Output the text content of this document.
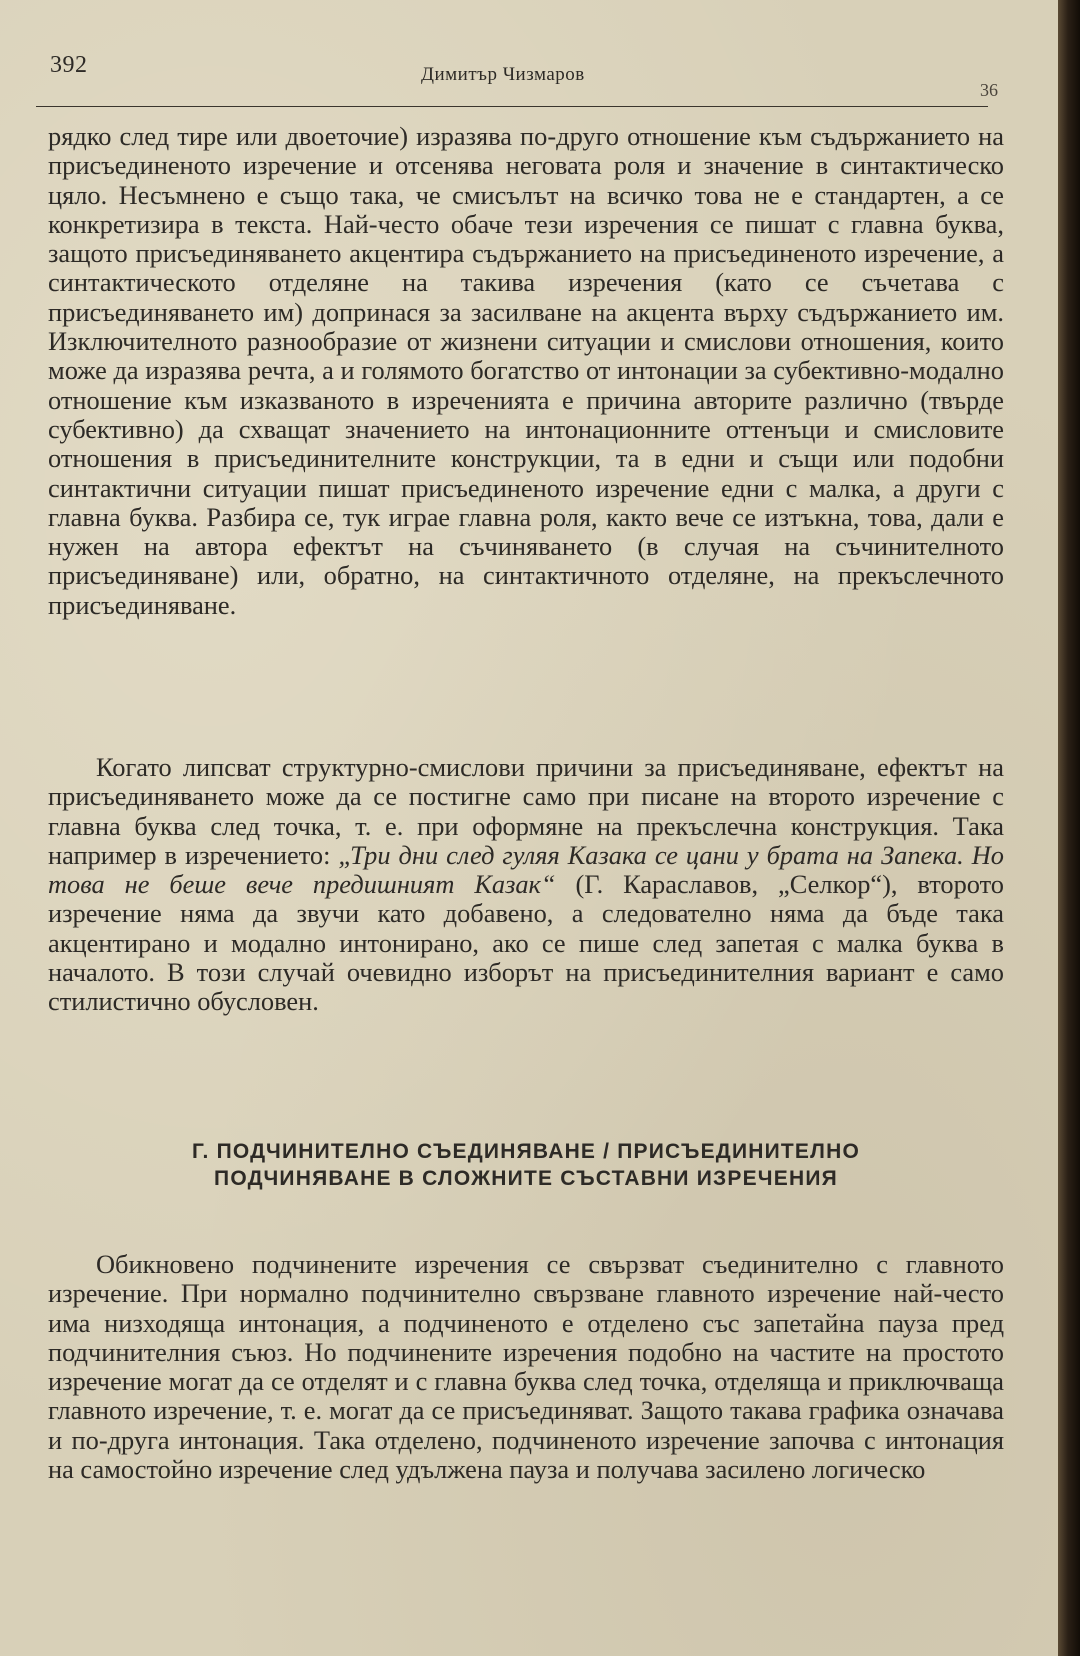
392	Димитър Чизмаров
36

рядко след тире или двоеточие) изразява по-друго отношение към съдържанието на присъединеното изречение и отсенява неговата роля и значение в синтактическо цяло. Несъмнено е също така, че смисълът на всичко това не е стандартен, а се конкретизира в текста. Най-често обаче тези изречения се пишат с главна буква, защото присъединяването акцентира съдържанието на присъединеното изречение, а синтактическото отделяне на такива изречения (като се съчетава с присъединяването им) допринася за засилване на акцента върху съдържанието им. Изключителното разнообразие от жизнени ситуации и смислови отношения, които може да изразява речта, а и голямото богатство от интонации за субективно-модално отношение към изказваното в изреченията е причина авторите различно (твърде субективно) да схващат значението на интонационните оттенъци и смисловите отношения в присъединителните конструкции, та в едни и същи или подобни синтактични ситуации пишат присъединеното изречение едни с малка, а други с главна буква. Разбира се, тук играе главна роля, както вече се изтъкна, това, дали е нужен на автора ефектът на съчиняването (в случая на съчинителното присъединяване) или, обратно, на синтактичното отделяне, на прекъслечното присъединяване.

Когато липсват структурно-смислови причини за присъединяване, ефектът на присъединяването може да се постигне само при писане на второто изречение с главна буква след точка, т. е. при оформяне на прекъслечна конструкция. Така например в изречението: „Три дни след гуляя Казака се цани у брата на Запека. Но това не беше вече предишният Казак“ (Г. Караславов, „Селкор“), второто изречение няма да звучи като добавено, а следователно няма да бъде така акцентирано и модално интонирано, ако се пише след запетая с малка буква в началото. В този случай очевидно изборът на присъединителния вариант е само стилистично обусловен.

Г. ПОДЧИНИТЕЛНО СЪЕДИНЯВАНЕ / ПРИСЪЕДИНИТЕЛНО
ПОДЧИНЯВАНЕ В СЛОЖНИТЕ СЪСТАВНИ ИЗРЕЧЕНИЯ

Обикновено подчинените изречения се свързват съединително с главното изречение. При нормално подчинително свързване главното изречение най-често има низходяща интонация, а подчиненото е отделено със запетайна пауза пред подчинителния съюз. Но подчинените изречения подобно на частите на простото изречение могат да се отделят и с главна буква след точка, отделяща и приключваща главното изречение, т. е. могат да се присъединяват. Защото такава графика означава и по-друга интонация. Така отделено, подчиненото изречение започва с интонация на самостойно изречение след удължена пауза и получава засилено логическо
